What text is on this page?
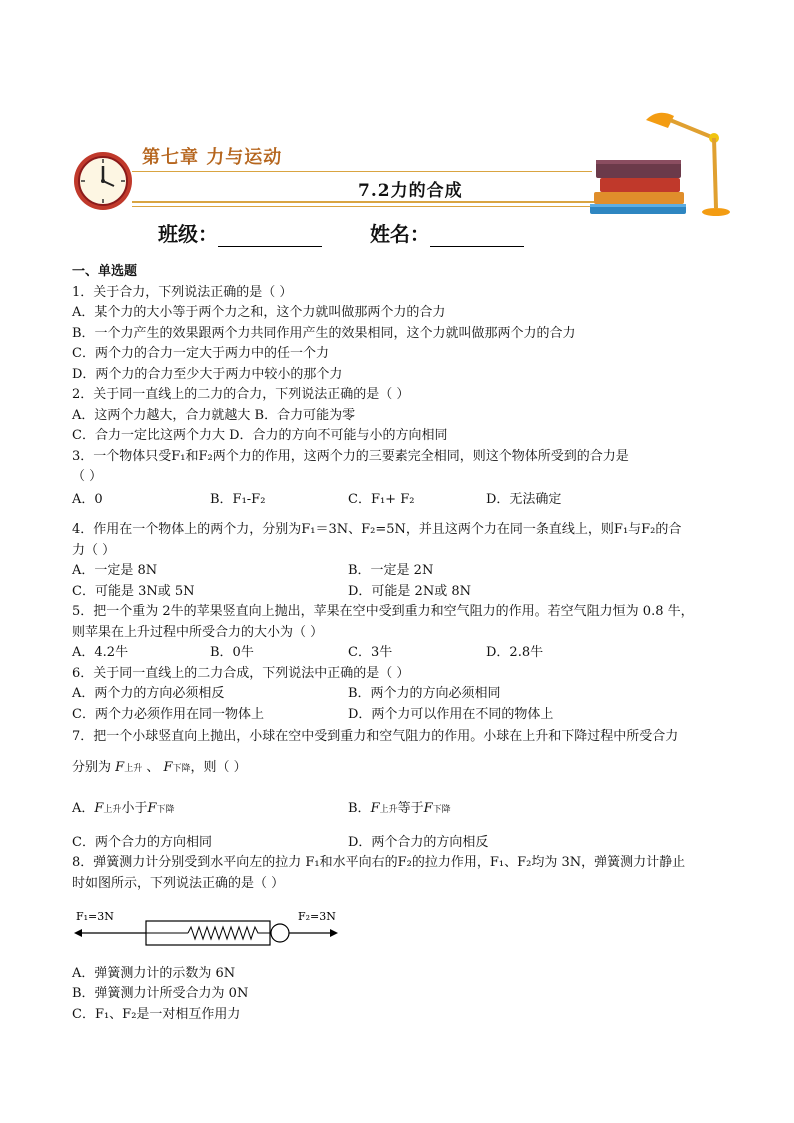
第七章 力与运动
7.2力的合成
班级：	姓名：

一、单选题

1．关于合力，下列说法正确的是（ ）

A．某个力的大小等于两个力之和，这个力就叫做那两个力的合力

B．一个力产生的效果跟两个力共同作用产生的效果相同，这个力就叫做那两个力的合力

C．两个力的合力一定大于两力中的任一个力

D．两个力的合力至少大于两力中较小的那个力

2．关于同一直线上的二力的合力，下列说法正确的是（ ）

A．这两个力越大，合力就越大 B．合力可能为零

C．合力一定比这两个力大 D．合力的方向不可能与小的方向相同

3．一个物体只受F₁和F₂两个力的作用，这两个力的三要素完全相同，则这个物体所受到的合力是

（ ）

A．0	B．F₁-F₂	C．F₁+ F₂	D．无法确定

4．作用在一个物体上的两个力，分别为F₁＝3N、F₂=5N，并且这两个力在同一条直线上，则F₁与F₂的合

力（ ）

A．一定是 8N	B．一定是 2N
C．可能是 3N或 5N	D．可能是 2N或 8N

5．把一个重为 2牛的苹果竖直向上抛出，苹果在空中受到重力和空气阻力的作用。若空气阻力恒为 0.8 牛，

则苹果在上升过程中所受合力的大小为（ ）

A．4.2牛	B．0牛	C．3牛	D．2.8牛

6．关于同一直线上的二力合成，下列说法中正确的是（ ）

A．两个力的方向必须相反	B．两个力的方向必须相同
C．两个力必须作用在同一物体上	D．两个力可以作用在不同的物体上

7．把一个小球竖直向上抛出，小球在空中受到重力和空气阻力的作用。小球在上升和下降过程中所受合力

分别为 F上升 、 F下降，则（ ）

A．F上升小于F下降	B．F上升等于F下降
C．两个合力的方向相同	D．两个合力的方向相反

8．弹簧测力计分别受到水平向左的拉力 F₁和水平向右的F₂的拉力作用，F₁、F₂均为 3N，弹簧测力计静止

时如图所示，下列说法正确的是（ ）

F₁=3N	F₂=3N

A．弹簧测力计的示数为 6N

B．弹簧测力计所受合力为 0N

C．F₁、F₂是一对相互作用力
